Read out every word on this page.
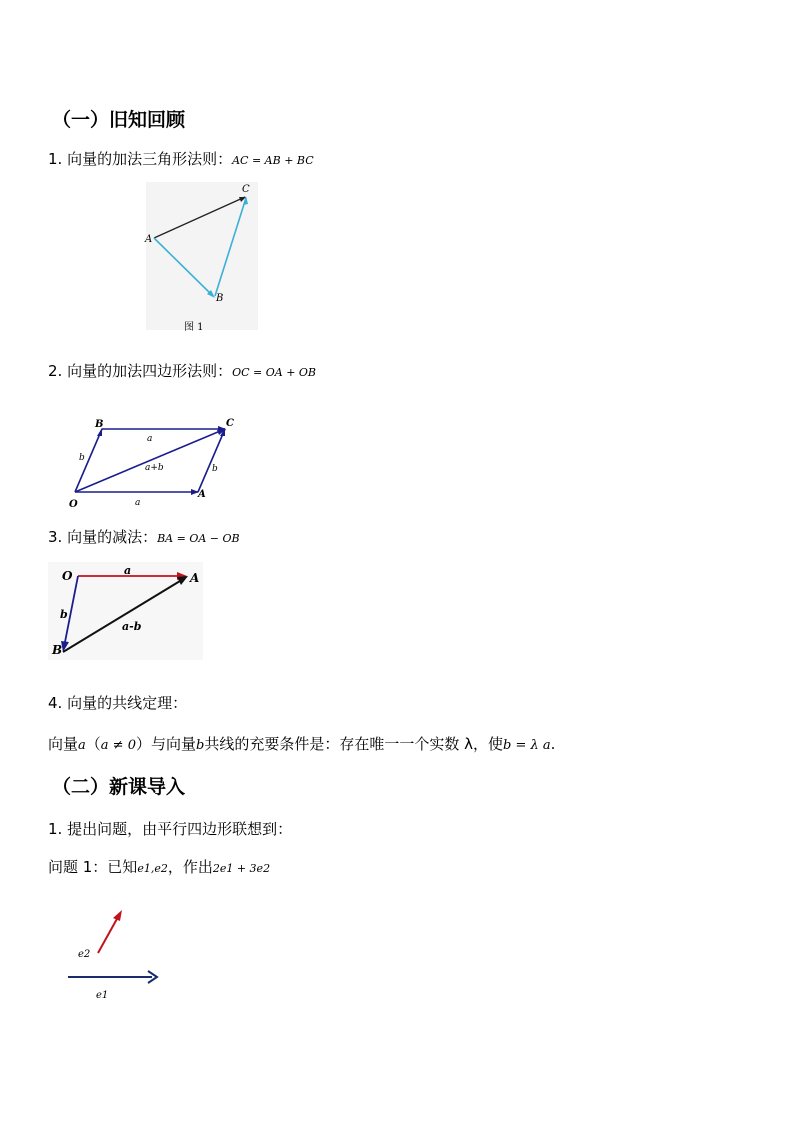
（一）旧知回顾
1. 向量的加法三角形法则：AC = AB + BC
A
B
C
图 1
2. 向量的加法四边形法则：OC = OA + OB
O
A
B	C
a
b
a+b	b
a
3. 向量的减法：BA = OA − OB
O	A
B
a
b
a-b
4. 向量的共线定理：
向量a（a ≠ 0）与向量b共线的充要条件是：存在唯一一个实数 λ，使b = λ a.
（二）新课导入
1. 提出问题，由平行四边形联想到：
问题 1：已知e1,e2，作出2e1 + 3e2
e2
e1
